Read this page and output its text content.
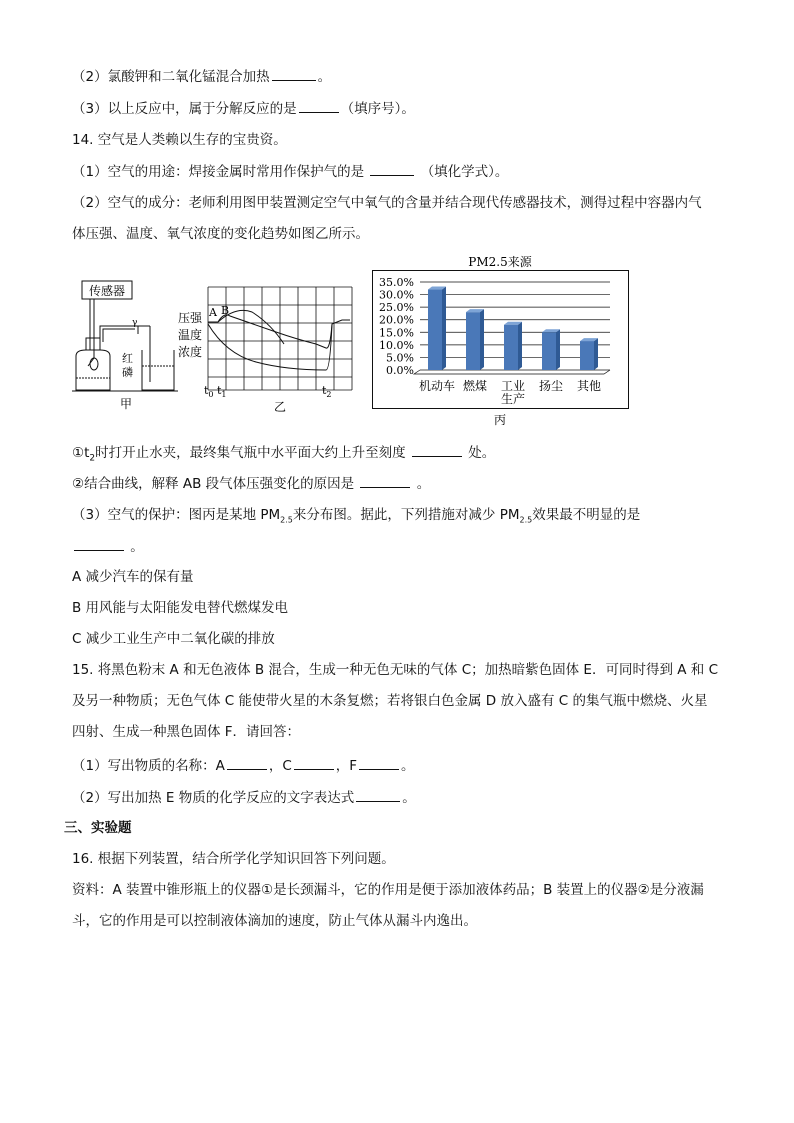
（2）氯酸钾和二氧化锰混合加热	。
（3）以上反应中，属于分解反应的是	（填序号）。
14. 空气是人类赖以生存的宝贵资。
（1）空气的用途：焊接金属时常用作保护气的是	（填化学式）。
（2）空气的成分：老师利用图甲装置测定空气中氧气的含量并结合现代传感器技术，测得过程中容器内气
体压强、温度、氧气浓度的变化趋势如图乙所示。
传感器
γ
红
磷
甲
A B
压强
温度
浓度
$t_0$ $t_1$	$t_2$
乙
PM2.5来源
丙
0.0%
5.0%
10.0%
15.0%
20.0%
25.0%
30.0%
35.0%
机动车 燃煤 工业
生产
扬尘 其他
$①t_2$时打开止水夹，最终集气瓶中水平面大约上升至刻度	处。
②结合曲线，解释 AB 段气体压强变化的原因是	。
（3）空气的保护：图丙是某地 $PM_{2.5}$来分布图。据此，下列措施对减少 $PM_{2.5}$效果最不明显的是
。
A 减少汽车的保有量
B 用风能与太阳能发电替代燃煤发电
C 减少工业生产中二氧化碳的排放
15. 将黑色粉末 A 和无色液体 B 混合，生成一种无色无味的气体 C；加热暗紫色固体 E．可同时得到 A 和 C
及另一种物质；无色气体 C 能使带火星的木条复燃；若将银白色金属 D 放入盛有 C 的集气瓶中燃烧、火星
四射、生成一种黑色固体 F．请回答：
（1）写出物质的名称：A	，C	，F	。
（2）写出加热 E 物质的化学反应的文字表达式	。
三、实验题
16. 根据下列装置，结合所学化学知识回答下列问题。
资料：A 装置中锥形瓶上的仪器①是长颈漏斗，它的作用是便于添加液体药品；B 装置上的仪器②是分液漏
斗，它的作用是可以控制液体滴加的速度，防止气体从漏斗内逸出。
